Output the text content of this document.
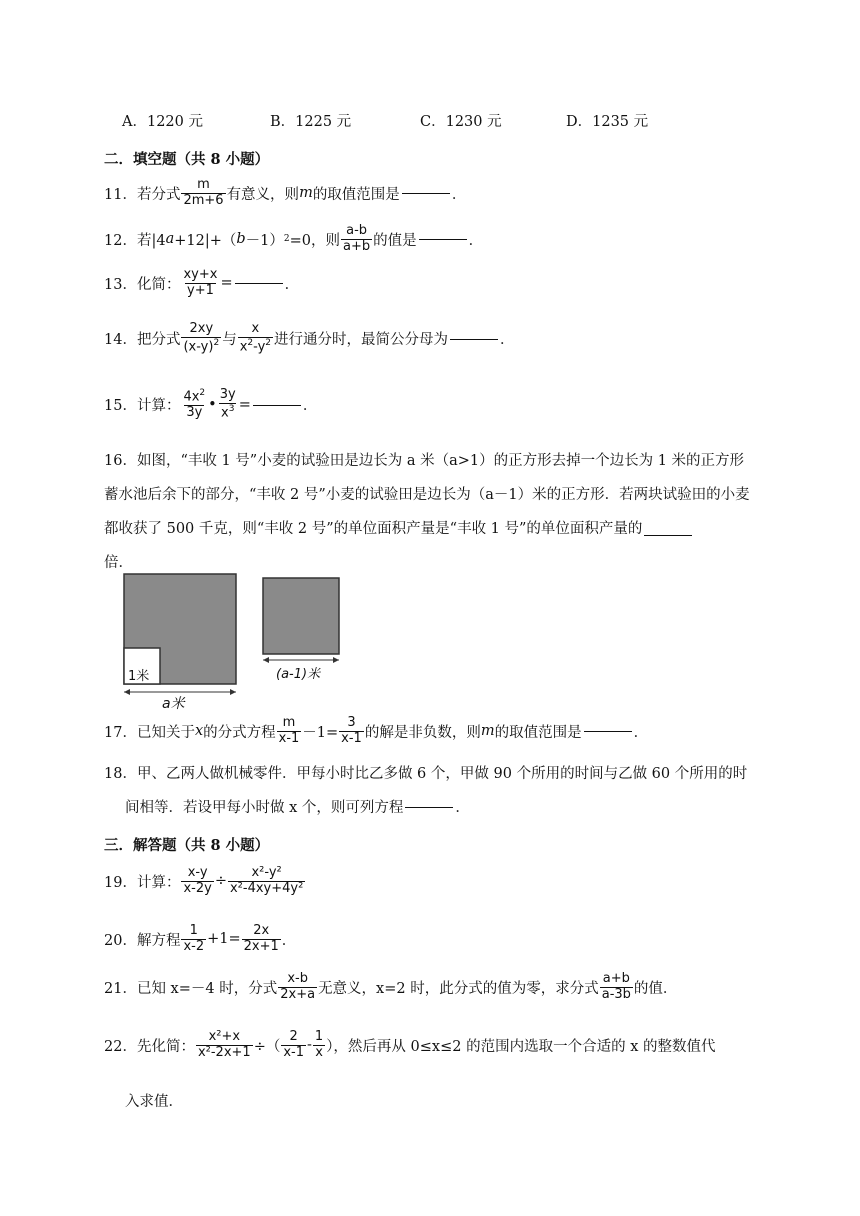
A．1220 元	B．1225 元	C．1230 元	D．1235 元
二．填空题（共 8 小题）
11． 若分式 $\frac{m}{2m+6}$ 有意义，则 m 的取值范围是	．
12． 若|4 a +12|+（ b －1） 2 =0，则 $\frac{a-b}{a+b}$ 的值是	．
13． 化简： $\frac{xy+x}{y+1}$ =	．
14． 把分式 $\frac{2xy}{(x-y)^2}$ 与 $\frac{x}{x^2-y^2}$ 进行通分时，最简公分母为	．
15． 计算： $\frac{4x^2}{3y}$ • $\frac{3y}{x^3}$ =	．
16．如图，“丰收 1 号”小麦的试验田是边长为 a 米（a>1）的正方形去掉一个边长为 1 米的正方形蓄水池后余下的部分，“丰收 2 号”小麦的试验田是边长为（a－1）米的正方形．若两块试验田的小麦都收获了 500 千克，则“丰收 2 号”的单位面积产量是“丰收 1 号”的单位面积产量的
倍．
1米
a米
(a-1)米
17． 已知关于 x 的分式方程 $\frac{m}{x-1} -1= \frac{3}{x-1}$ 的解是非负数，则 m 的取值范围是	．
18． 甲、乙两人做机械零件．甲每小时比乙多做 6 个，甲做 90 个所用的时间与乙做 60 个所用的时
间相等．若设甲每小时做 x 个，则可列方程	．
三．解答题（共 8 小题）
19． 计算： $\frac{x-y}{x-2y} \div \frac{\text{x²-y²}}{\text{x²-4xy+4y²}}$
20． 解方程 $\frac{1}{x-2} +1= \frac{2x}{2x+1}$ ．
21． 已知 x=－4 时，分式 $\frac{x-b}{2x+a}$ 无意义，x=2 时，此分式的值为零，求分式 $\frac{a+b}{a-3b}$ 的值．
22． 先化简： $\frac{\text{x²+x}}{\text{x²-2x+1}}$ ÷（ $\frac{2}{x-1} - \frac{1}{x}$ ），然后再从 0≤x≤2 的范围内选取一个合适的 x 的整数值代
入求值．
